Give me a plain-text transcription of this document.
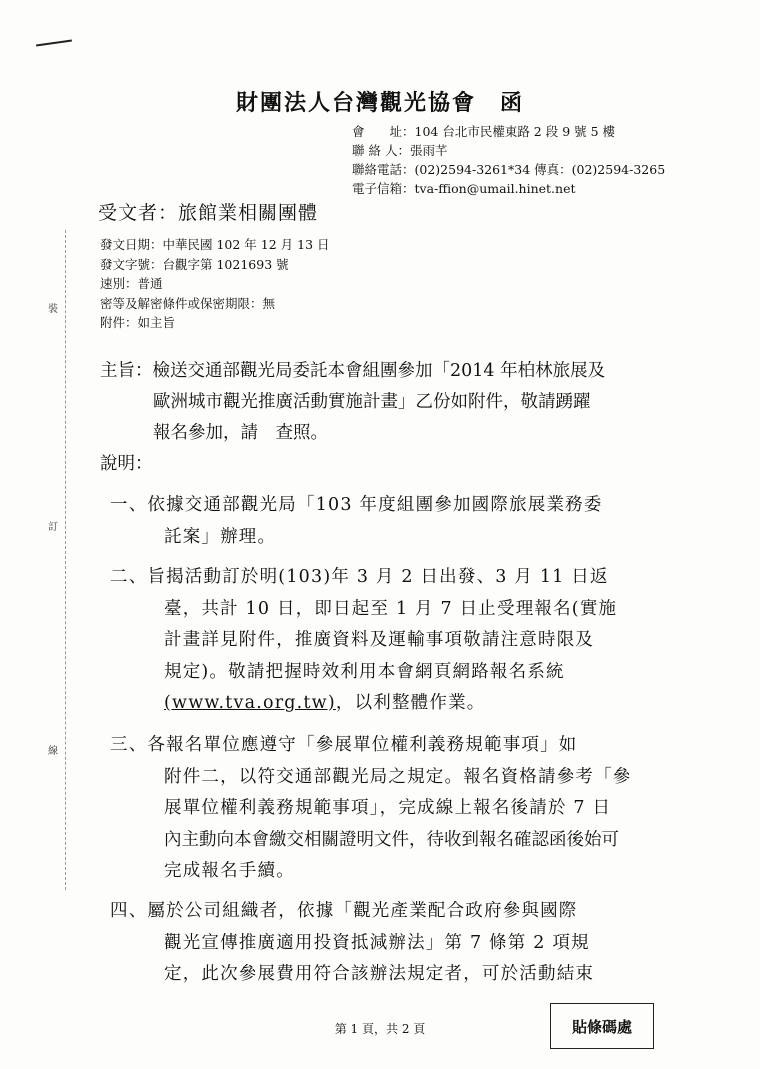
裝
訂
線
財團法人台灣觀光協會　函
會　　址：104 台北市民權東路 2 段 9 號 5 樓
聯 絡 人：張雨芊
聯絡電話：(02)2594-3261*34 傳真：(02)2594-3265
電子信箱：tva-ffion@umail.hinet.net
受文者：旅館業相關團體
發文日期：中華民國 102 年 12 月 13 日
發文字號：台觀字第 1021693 號
速別：普通
密等及解密條件或保密期限：無
附件：如主旨
主旨：檢送交通部觀光局委託本會組團參加「2014 年柏林旅展及
歐洲城市觀光推廣活動實施計畫」乙份如附件，敬請踴躍
報名參加，請　查照。
說明：
一、依據交通部觀光局「103 年度組團參加國際旅展業務委
託案」辦理。
二、旨揭活動訂於明(103)年 3 月 2 日出發、3 月 11 日返
臺，共計 10 日，即日起至 1 月 7 日止受理報名(實施
計畫詳見附件，推廣資料及運輸事項敬請注意時限及
規定)。敬請把握時效利用本會網頁網路報名系統
(www.tva.org.tw)，以利整體作業。
三、各報名單位應遵守「參展單位權利義務規範事項」如
附件二，以符交通部觀光局之規定。報名資格請參考「參
展單位權利義務規範事項」，完成線上報名後請於 7 日
內主動向本會繳交相關證明文件，待收到報名確認函後始可
完成報名手續。
四、屬於公司組織者，依據「觀光產業配合政府參與國際
觀光宣傳推廣適用投資抵減辦法」第 7 條第 2 項規
定，此次參展費用符合該辦法規定者，可於活動結束
第 1 頁，共 2 頁	貼條碼處
